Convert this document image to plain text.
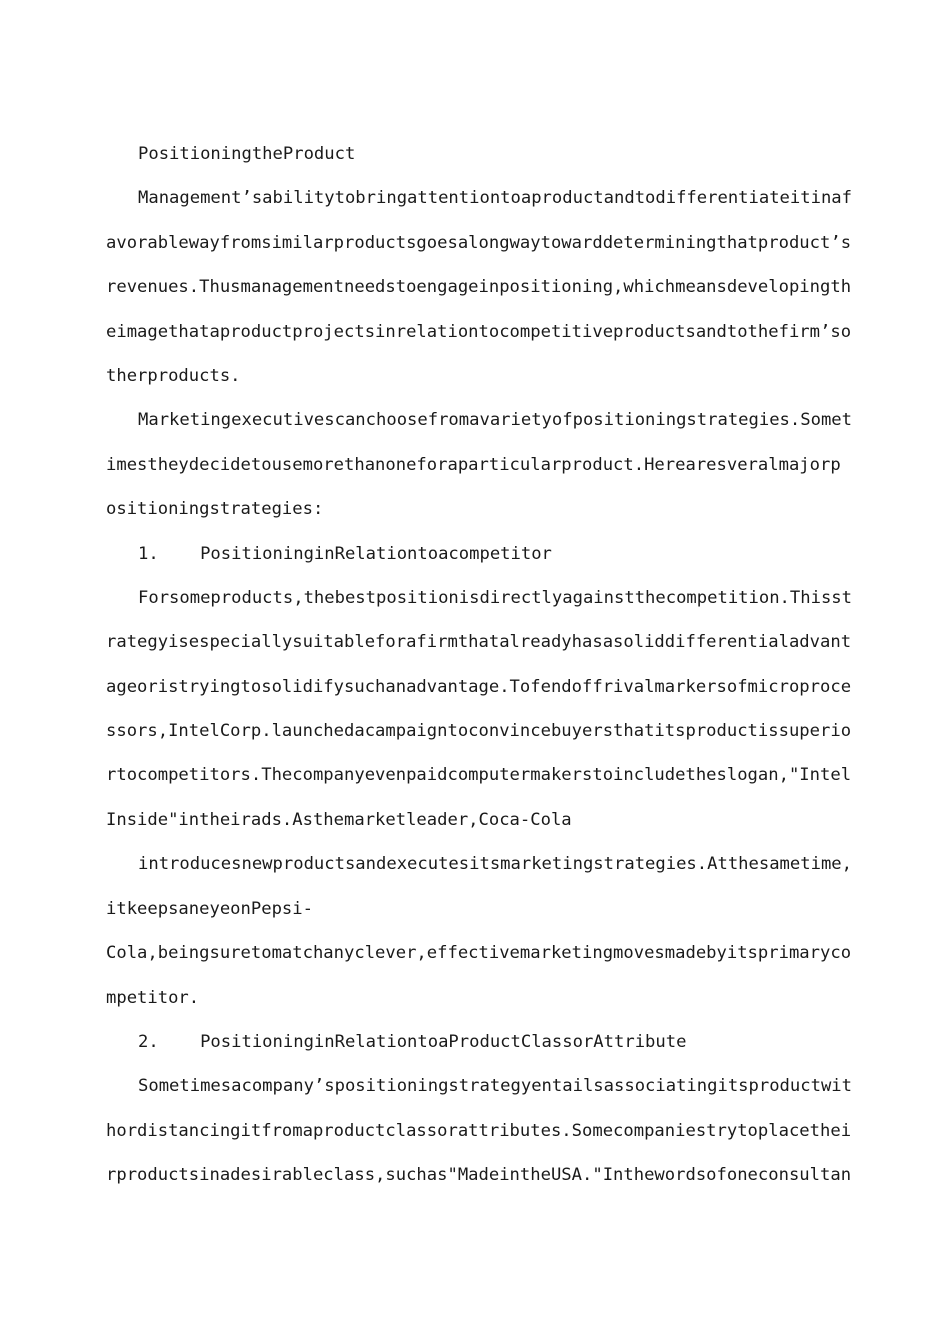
PositioningtheProduct
Management’sabilitytobringattentiontoaproductandtodifferentiateitinaf
avorablewayfromsimilarproductsgoesalongwaytowarddeterminingthatproduct’s
revenues.Thusmanagementneedstoengageinpositioning,whichmeansdevelopingth
eimagethataproductprojectsinrelationtocompetitiveproductsandtothefirm’so
therproducts.
Marketingexecutivescanchoosefromavarietyofpositioningstrategies.Somet
imestheydecidetousemorethanoneforaparticularproduct.Herearesveralmajorp
ositioningstrategies:
1.    PositioninginRelationtoacompetitor
Forsomeproducts,thebestpositionisdirectlyagainstthecompetition.Thisst
rategyisespeciallysuitableforafirmthatalreadyhasasoliddifferentialadvant
ageoristryingtosolidifysuchanadvantage.Tofendoffrivalmarkersofmicroproce
ssors,IntelCorp.launchedacampaigntoconvincebuyersthatitsproductissuperio
rtocompetitors.Thecompanyevenpaidcomputermakerstoincludetheslogan,"Intel
Inside"intheirads.Asthemarketleader,Coca-Cola
introducesnewproductsandexecutesitsmarketingstrategies.Atthesametime,
itkeepsaneyeonPepsi-
Cola,beingsuretomatchanyclever,effectivemarketingmovesmadebyitsprimaryco
mpetitor.
2.    PositioninginRelationtoaProductClassorAttribute
Sometimesacompany’spositioningstrategyentailsassociatingitsproductwit
hordistancingitfromaproductclassorattributes.Somecompaniestrytoplacethei
rproductsinadesirableclass,suchas"MadeintheUSA."Inthewordsofoneconsultan
